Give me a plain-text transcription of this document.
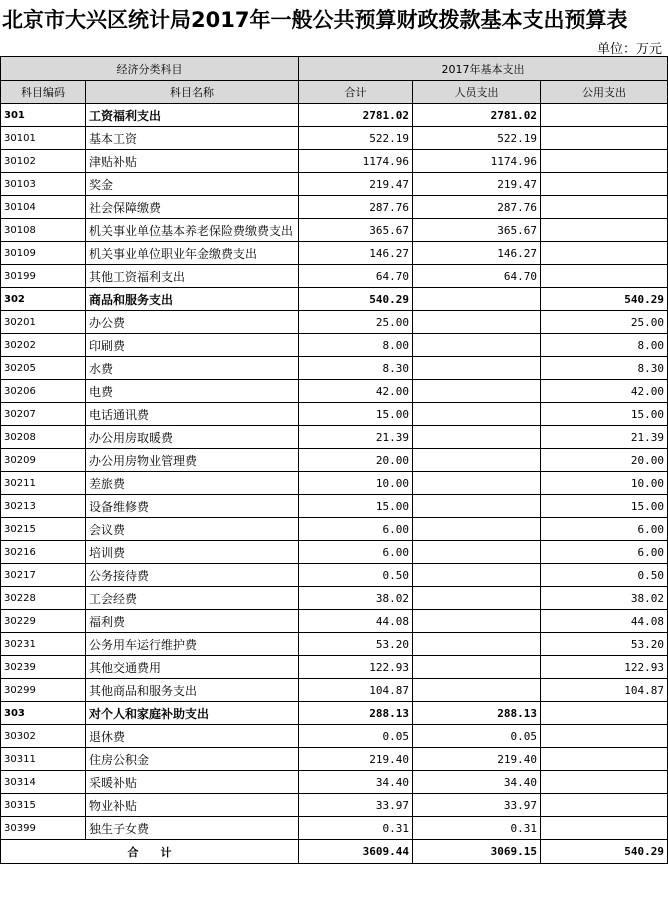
北京市大兴区统计局2017年一般公共预算财政拨款基本支出预算表
单位：万元
经济分类科目		2017年基本支出		
科目编码	科目名称	合计	人员支出	公用支出
301	工资福利支出	2781.02	2781.02	
30101	基本工资	522.19	522.19	
30102	津贴补贴	1174.96	1174.96	
30103	奖金	219.47	219.47	
30104	社会保障缴费	287.76	287.76	
30108	机关事业单位基本养老保险费缴费支出	365.67	365.67	
30109	机关事业单位职业年金缴费支出	146.27	146.27	
30199	其他工资福利支出	64.70	64.70	
302	商品和服务支出	540.29		540.29
30201	办公费	25.00		25.00
30202	印刷费	8.00		8.00
30205	水费	8.30		8.30
30206	电费	42.00		42.00
30207	电话通讯费	15.00		15.00
30208	办公用房取暖费	21.39		21.39
30209	办公用房物业管理费	20.00		20.00
30211	差旅费	10.00		10.00
30213	设备维修费	15.00		15.00
30215	会议费	6.00		6.00
30216	培训费	6.00		6.00
30217	公务接待费	0.50		0.50
30228	工会经费	38.02		38.02
30229	福利费	44.08		44.08
30231	公务用车运行维护费	53.20		53.20
30239	其他交通费用	122.93		122.93
30299	其他商品和服务支出	104.87		104.87
303	对个人和家庭补助支出	288.13	288.13	
30302	退休费	0.05	0.05	
30311	住房公积金	219.40	219.40	
30314	采暖补贴	34.40	34.40	
30315	物业补贴	33.97	33.97	
30399	独生子女费	0.31	0.31	
合　　计		3609.44	3069.15	540.29
